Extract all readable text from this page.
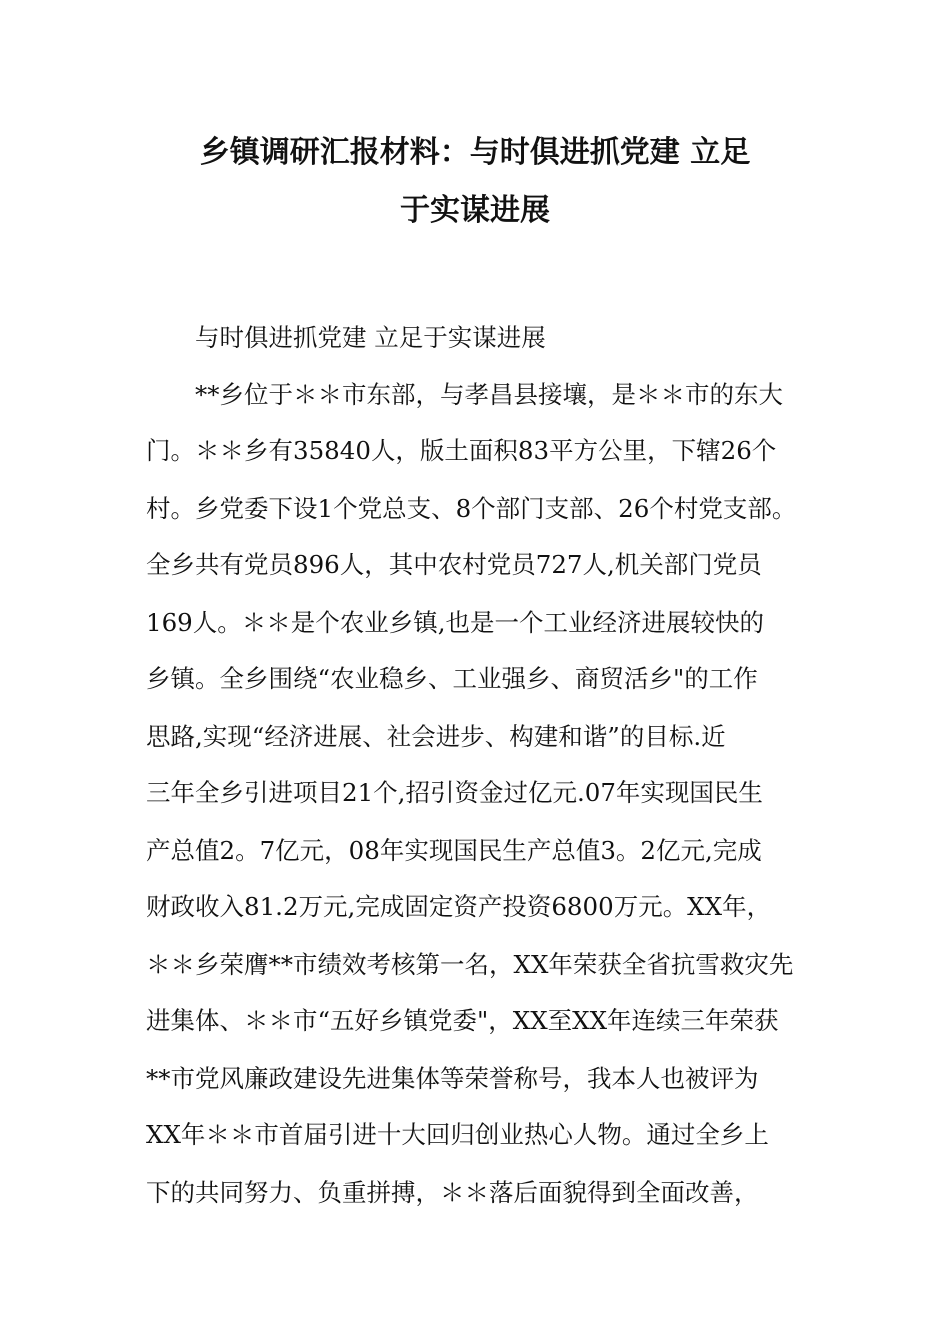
乡镇调研汇报材料：与时俱进抓党建 立足
于实谋进展

与时俱进抓党建 立足于实谋进展

**乡位于＊＊市东部，与孝昌县接壤，是＊＊市的东大

门。＊＊乡有35840人，版土面积83平方公里，下辖26个

村。乡党委下设1个党总支、8个部门支部、26个村党支部。

全乡共有党员896人，其中农村党员727人,机关部门党员

169人。＊＊是个农业乡镇,也是一个工业经济进展较快的

乡镇。全乡围绕“农业稳乡、工业强乡、商贸活乡"的工作

思路,实现“经济进展、社会进步、构建和谐”的目标.近

三年全乡引进项目21个,招引资金过亿元.07年实现国民生

产总值2。7亿元，08年实现国民生产总值3。2亿元,完成

财政收入81.2万元,完成固定资产投资6800万元。XX年，

＊＊乡荣膺**市绩效考核第一名，XX年荣获全省抗雪救灾先

进集体、＊＊市“五好乡镇党委"，XX至XX年连续三年荣获

**市党风廉政建设先进集体等荣誉称号，我本人也被评为

XX年＊＊市首届引进十大回归创业热心人物。通过全乡上

下的共同努力、负重拼搏，＊＊落后面貌得到全面改善，
